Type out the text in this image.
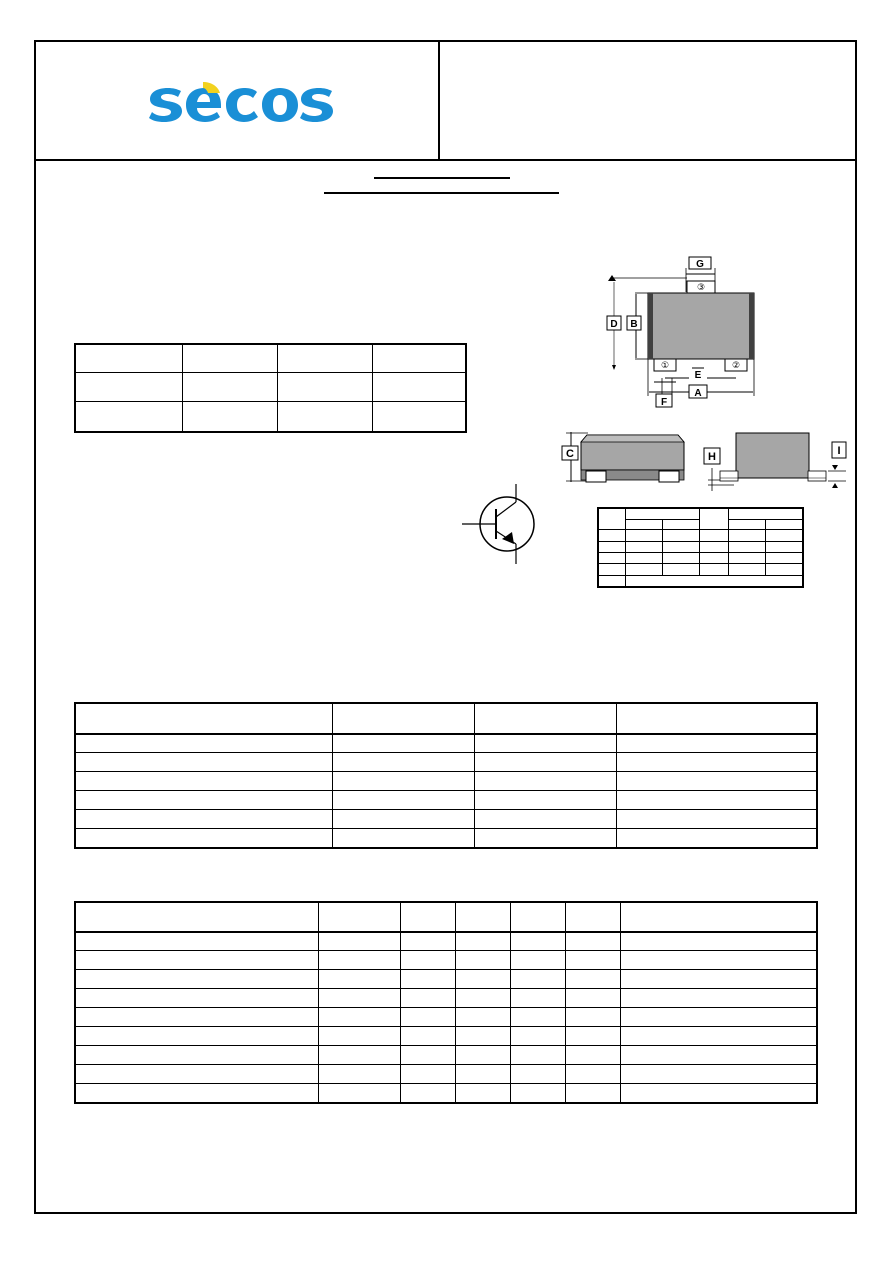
G
③
B
D
①	②
E
A
F
C	H	I
